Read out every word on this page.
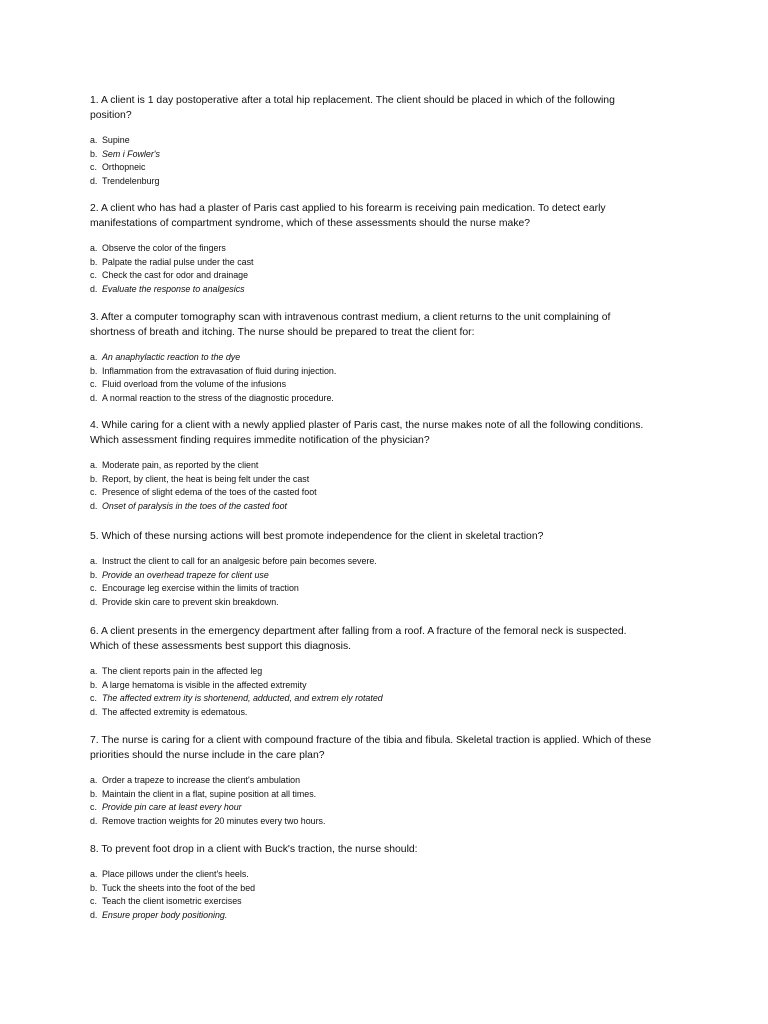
1. A client is 1 day postoperative after a total hip replacement. The client should be placed in which of the following
position?

a. Supine

b. Sem i Fowler's

c. Orthopneic

d. Trendelenburg

2. A client who has had a plaster of Paris cast applied to his forearm is receiving pain medication. To detect early
manifestations of compartment syndrome, which of these assessments should the nurse make?

a. Observe the color of the fingers

b. Palpate the radial pulse under the cast

c. Check the cast for odor and drainage

d. Evaluate the response to analgesics

3. After a computer tomography scan with intravenous contrast medium, a client returns to the unit complaining of
shortness of breath and itching. The nurse should be prepared to treat the client for:

a. An anaphylactic reaction to the dye

b. Inflammation from the extravasation of fluid during injection.

c. Fluid overload from the volume of the infusions

d. A normal reaction to the stress of the diagnostic procedure.

4. While caring for a client with a newly applied plaster of Paris cast, the nurse makes note of all the following conditions.
Which assessment finding requires immedite notification of the physician?

a. Moderate pain, as reported by the client

b. Report, by client, the heat is being felt under the cast

c. Presence of slight edema of the toes of the casted foot

d. Onset of paralysis in the toes of the casted foot

5. Which of these nursing actions will best promote independence for the client in skeletal traction?

a. Instruct the client to call for an analgesic before pain becomes severe.

b. Provide an overhead trapeze for client use

c. Encourage leg exercise within the limits of traction

d. Provide skin care to prevent skin breakdown.

6. A client presents in the emergency department after falling from a roof. A fracture of the femoral neck is suspected.
Which of these assessments best support this diagnosis.

a. The client reports pain in the affected leg

b. A large hematoma is visible in the affected extremity

c. The affected extrem ity is shortenend, adducted, and extrem ely rotated

d. The affected extremity is edematous.

7. The nurse is caring for a client with compound fracture of the tibia and fibula. Skeletal traction is applied. Which of these
priorities should the nurse include in the care plan?

a. Order a trapeze to increase the client's ambulation

b. Maintain the client in a flat, supine position at all times.

c. Provide pin care at least every hour

d. Remove traction weights for 20 minutes every two hours.

8. To prevent foot drop in a client with Buck's traction, the nurse should:

a. Place pillows under the client's heels.

b. Tuck the sheets into the foot of the bed

c. Teach the client isometric exercises

d. Ensure proper body positioning.
